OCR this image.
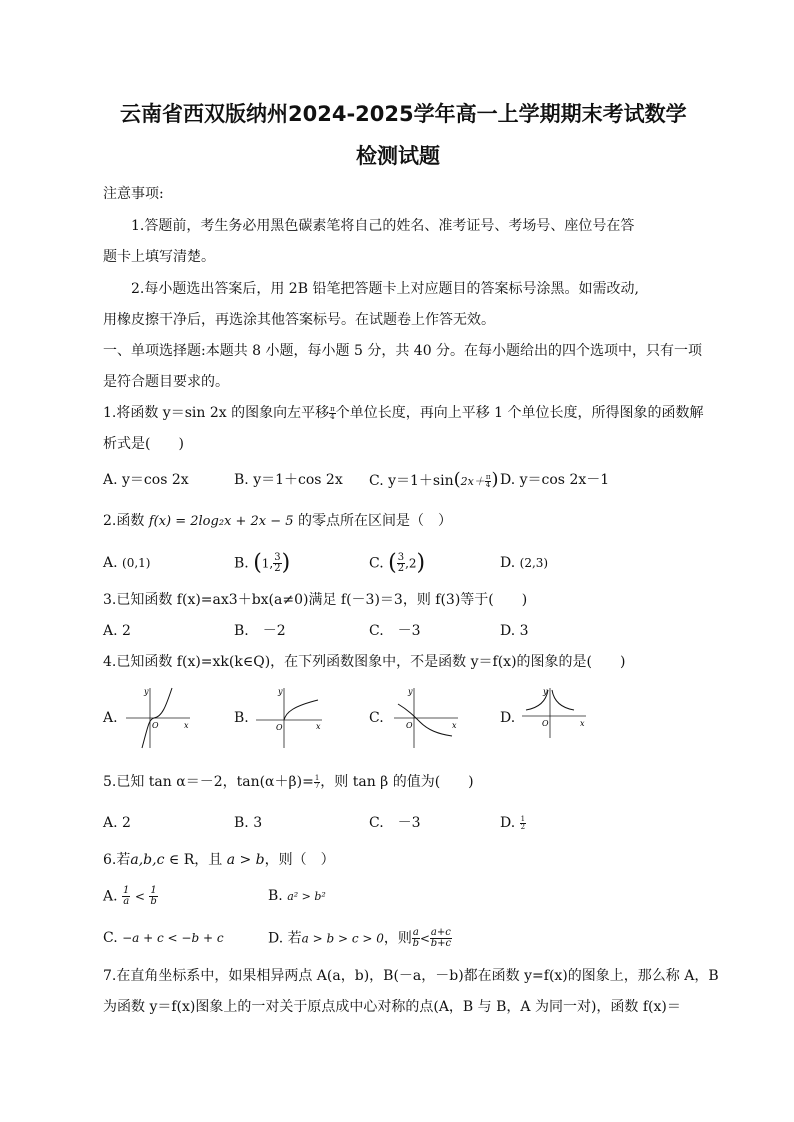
云南省西双版纳州2024-2025学年高一上学期期末考试数学
检测试题
注意事项:
1.答题前，考生务必用黑色碳素笔将自己的姓名、准考证号、考场号、座位号在答
题卡上填写清楚。
2.每小题选出答案后，用 2B 铅笔把答题卡上对应题目的答案标号涂黑。如需改动,
用橡皮擦干净后，再选涂其他答案标号。在试题卷上作答无效。
一、单项选择题:本题共 8 小题，每小题 5 分，共 40 分。在每小题给出的四个选项中，只有一项
是符合题目要求的。
1.将函数 y＝sin 2x 的图象向左平移 $\frac{\pi}{4}$ 个单位长度，再向上平移 1 个单位长度，所得图象的函数解
析式是(　　)
A. y＝cos 2x	B. y＝1＋cos 2x C. $y=1+\sin(2x+ \frac{\pi}{4}$ ) D. y＝cos 2x－1
2.函数 f(x) = 2log₂x + 2x − 5 的零点所在区间是（　）
A. (0,1)	B. (1, $\frac{3}{2}$ )	C. ( $\frac{3}{2} ,2$)	D. (2,3)
3.已知函数 f(x)=ax3＋bx(a≠0)满足 f(－3)＝3，则 f(3)等于(　　)
A. 2	B.　－2	C.　－3	D. 3
4.已知函数 f(x)=xk(k∈Q)，在下列函数图象中，不是函数 y＝f(x)的图象的是(　　)
A.	B.	C.	D.
y
x
O
y
x
O
y
x
O
y
x
O
5.已知 tan α＝－2，$\tan(\alpha+\beta)= \frac{1}{7}$ ，则 tan β 的值为(　　)
A. 2	B. 3	C.　－3	D. $\frac{1}{2}$
6.若a,b,c ∈ R，且 a > b，则（　）
A. $\frac{1}{a} < \frac{1}{b}$	B. a² > b²
C. −a + c < −b + c	D. 若a > b > c > 0，则 $\frac{a}{b} < \frac{a+c}{b+c}$
7.在直角坐标系中，如果相异两点 A(a，b)，B(－a，－b)都在函数 y=f(x)的图象上，那么称 A，B
为函数 y＝f(x)图象上的一对关于原点成中心对称的点(A，B 与 B，A 为同一对)，函数 f(x)＝
